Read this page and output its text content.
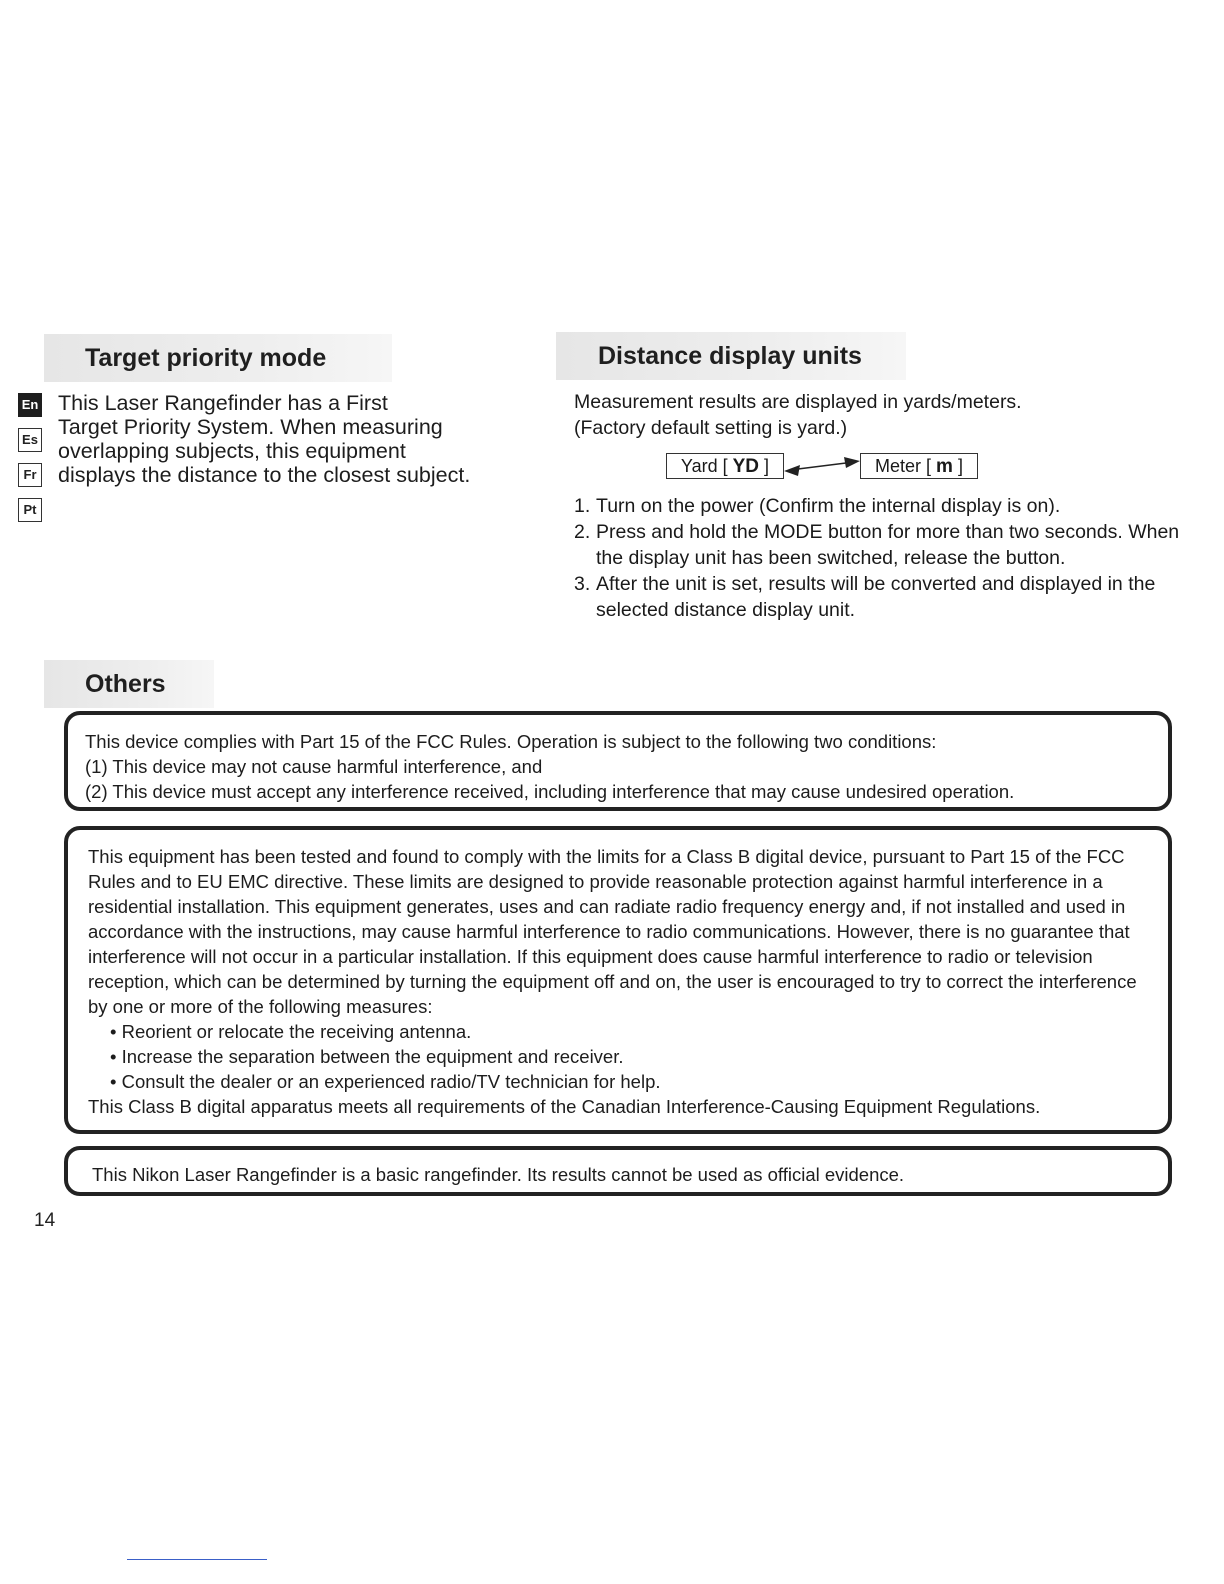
Target priority mode	Distance display units
En
Es
Fr
Pt

This Laser Rangefinder has a First

Target Priority System. When measuring

overlapping subjects, this equipment

displays the distance to the closest subject.

Measurement results are displayed in yards/meters.

(Factory default setting is yard.)

Yard [ YD ]	Meter [ m ]
1. Turn on the power (Confirm the internal display is on).
2. Press and hold the MODE button for more than two seconds. When the display unit has been switched, release the button.
3. After the unit is set, results will be converted and displayed in the selected distance display unit.
Others

This device complies with Part 15 of the FCC Rules. Operation is subject to the following two conditions:

(1) This device may not cause harmful interference, and

(2) This device must accept any interference received, including interference that may cause undesired operation.

This equipment has been tested and found to comply with the limits for a Class B digital device, pursuant to Part 15 of the FCC Rules and to EU EMC directive. These limits are designed to provide reasonable protection against harmful interference in a residential installation. This equipment generates, uses and can radiate radio frequency energy and, if not installed and used in accordance with the instructions, may cause harmful interference to radio communications. However, there is no guarantee that interference will not occur in a particular installation. If this equipment does cause harmful interference to radio or television reception, which can be determined by turning the equipment off and on, the user is encouraged to try to correct the interference by one or more of the following measures:

• Reorient or relocate the receiving antenna.

• Increase the separation between the equipment and receiver.

• Consult the dealer or an experienced radio/TV technician for help.

This Class B digital apparatus meets all requirements of the Canadian Interference-Causing Equipment Regulations.

This Nikon Laser Rangefinder is a basic rangefinder. Its results cannot be used as official evidence.

14
